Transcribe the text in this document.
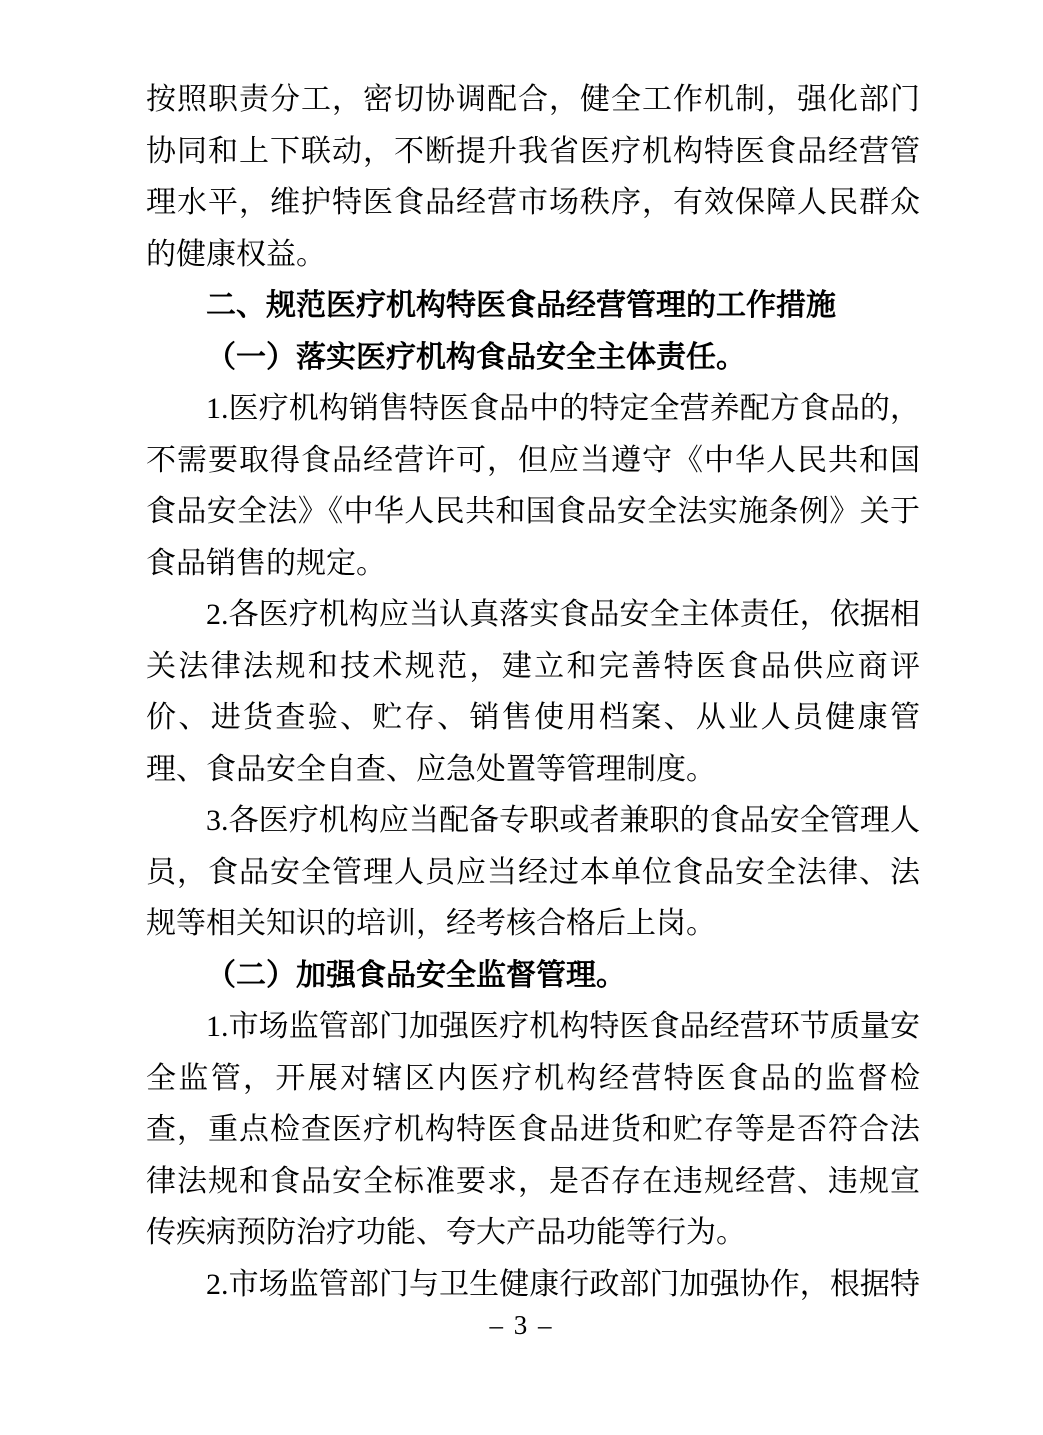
按照职责分工，密切协调配合，健全工作机制，强化部门协同和上下联动，不断提升我省医疗机构特医食品经营管理水平，维护特医食品经营市场秩序，有效保障人民群众的健康权益。

二、规范医疗机构特医食品经营管理的工作措施

（一）落实医疗机构食品安全主体责任。

1.医疗机构销售特医食品中的特定全营养配方食品的，不需要取得食品经营许可，但应当遵守《中华人民共和国食品安全法》《中华人民共和国食品安全法实施条例》关于食品销售的规定。

2.各医疗机构应当认真落实食品安全主体责任，依据相关法律法规和技术规范，建立和完善特医食品供应商评价、进货查验、贮存、销售使用档案、从业人员健康管理、食品安全自查、应急处置等管理制度。

3.各医疗机构应当配备专职或者兼职的食品安全管理人员，食品安全管理人员应当经过本单位食品安全法律、法规等相关知识的培训，经考核合格后上岗。

（二）加强食品安全监督管理。

1.市场监管部门加强医疗机构特医食品经营环节质量安全监管，开展对辖区内医疗机构经营特医食品的监督检查，重点检查医疗机构特医食品进货和贮存等是否符合法律法规和食品安全标准要求，是否存在违规经营、违规宣传疾病预防治疗功能、夸大产品功能等行为。

2.市场监管部门与卫生健康行政部门加强协作，根据特

– 3 –
